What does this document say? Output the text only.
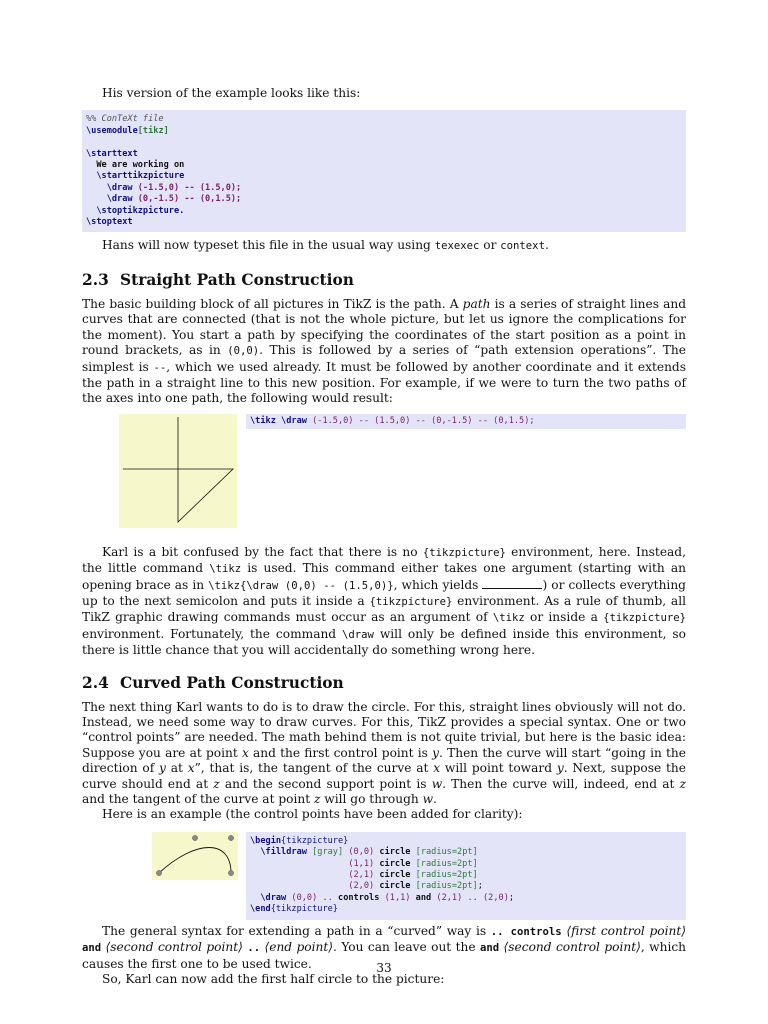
His version of the example looks like this:

%% ConTeXt file
\usemodule[tikz]

\starttext
We are working on
\starttikzpicture
\draw (-1.5,0) -- (1.5,0);
\draw (0,-1.5) -- (0,1.5);
\stoptikzpicture.
\stoptext

Hans will now typeset this file in the usual way using texexec or context.

2.3 Straight Path Construction

The basic building block of all pictures in TikZ is the path. A path is a series of straight lines and curves that are connected (that is not the whole picture, but let us ignore the complications for the moment). You start a path by specifying the coordinates of the start position as a point in round brackets, as in (0,0). This is followed by a series of “path extension operations”. The simplest is --, which we used already. It must be followed by another coordinate and it extends the path in a straight line to this new position. For example, if we were to turn the two paths of the axes into one path, the following would result:

\tikz \draw (-1.5,0) -- (1.5,0) -- (0,-1.5) -- (0,1.5);

Karl is a bit confused by the fact that there is no {tikzpicture} environment, here. Instead, the little command \tikz is used. This command either takes one argument (starting with an opening brace as in \tikz{\draw (0,0) -- (1.5,0)}, which yields	) or collects everything up to the next semicolon and puts it inside a {tikzpicture} environment. As a rule of thumb, all TikZ graphic drawing commands must occur as an argument of \tikz or inside a {tikzpicture} environment. Fortunately, the command \draw will only be defined inside this environment, so there is little chance that you will accidentally do something wrong here.

2.4 Curved Path Construction

The next thing Karl wants to do is to draw the circle. For this, straight lines obviously will not do. Instead, we need some way to draw curves. For this, TikZ provides a special syntax. One or two “control points” are needed. The math behind them is not quite trivial, but here is the basic idea: Suppose you are at point x and the first control point is y. Then the curve will start “going in the direction of y at x”, that is, the tangent of the curve at x will point toward y. Next, suppose the curve should end at z and the second support point is w. Then the curve will, indeed, end at z and the tangent of the curve at point z will go through w.

Here is an example (the control points have been added for clarity):

\begin{tikzpicture}
\filldraw [gray] (0,0) circle [radius=2pt]
(1,1) circle [radius=2pt]
(2,1) circle [radius=2pt]
(2,0) circle [radius=2pt];
\draw (0,0) .. controls (1,1) and (2,1) .. (2,0);
\end{tikzpicture}

The general syntax for extending a path in a “curved” way is .. controls ⟨first control point⟩ and ⟨second control point⟩ .. ⟨end point⟩. You can leave out the and ⟨second control point⟩, which causes the first one to be used twice.

So, Karl can now add the first half circle to the picture:

33
